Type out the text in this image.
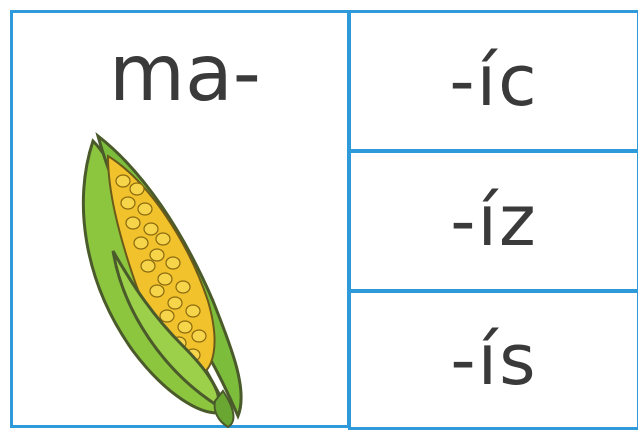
ma-	-íc
-íz
-ís
